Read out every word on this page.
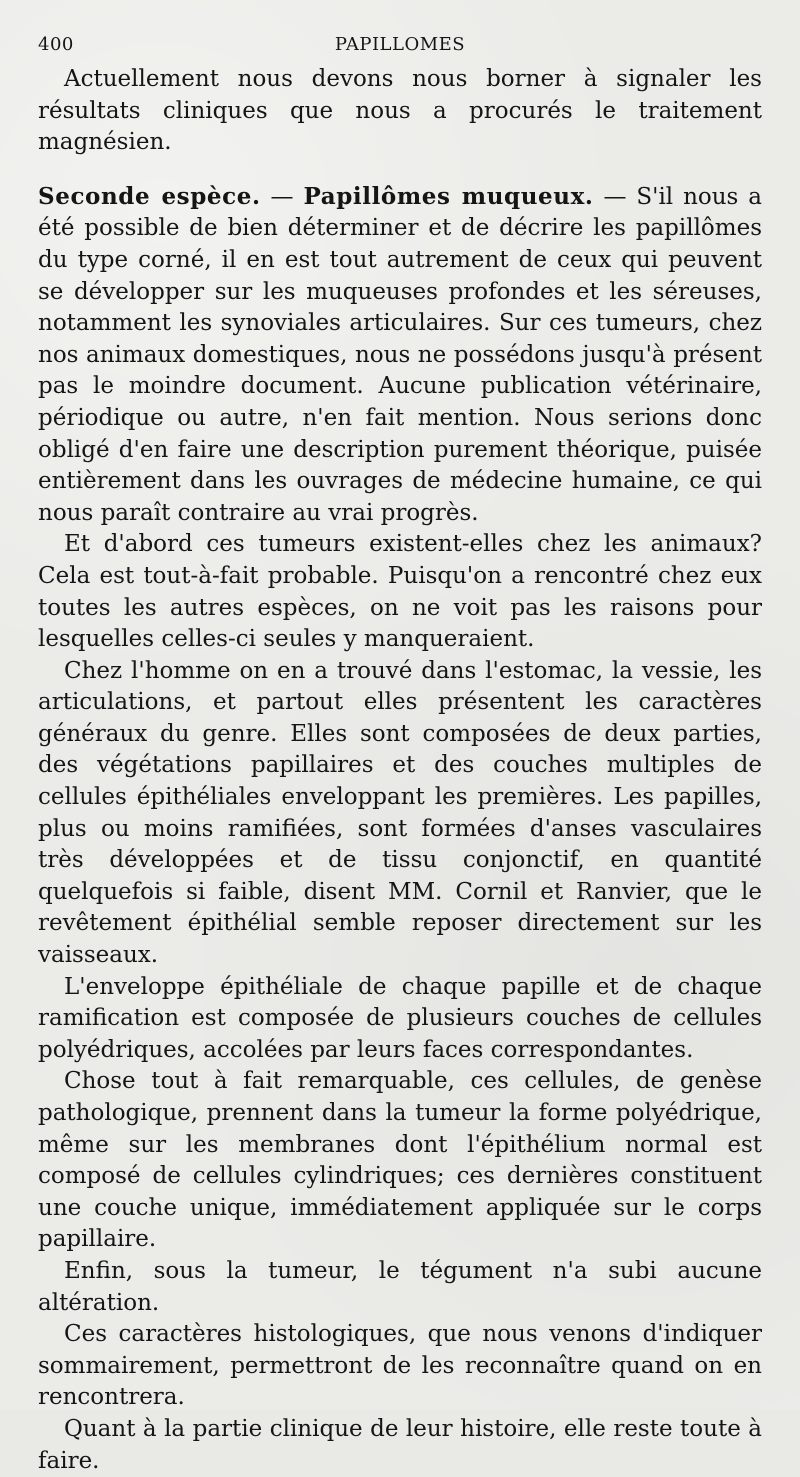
400	PAPILLOMES

Actuellement nous devons nous borner à signaler les résultats cliniques que nous a procurés le traitement magnésien.

Seconde espèce. — Papillômes muqueux. — S'il nous a été possible de bien déterminer et de décrire les papillômes du type corné, il en est tout autrement de ceux qui peuvent se développer sur les muqueuses profondes et les séreuses, notamment les synoviales articulaires. Sur ces tumeurs, chez nos animaux domestiques, nous ne possédons jusqu'à présent pas le moindre document. Aucune publication vétérinaire, périodique ou autre, n'en fait mention. Nous serions donc obligé d'en faire une description purement théorique, puisée entièrement dans les ouvrages de médecine humaine, ce qui nous paraît contraire au vrai progrès.

Et d'abord ces tumeurs existent-elles chez les animaux? Cela est tout-à-fait probable. Puisqu'on a rencontré chez eux toutes les autres espèces, on ne voit pas les raisons pour lesquelles celles-ci seules y manqueraient.

Chez l'homme on en a trouvé dans l'estomac, la vessie, les articulations, et partout elles présentent les caractères généraux du genre. Elles sont composées de deux parties, des végétations papillaires et des couches multiples de cellules épithéliales enveloppant les premières. Les papilles, plus ou moins ramifiées, sont formées d'anses vasculaires très développées et de tissu conjonctif, en quantité quelquefois si faible, disent MM. Cornil et Ranvier, que le revêtement épithélial semble reposer directement sur les vaisseaux.

L'enveloppe épithéliale de chaque papille et de chaque ramification est composée de plusieurs couches de cellules polyédriques, accolées par leurs faces correspondantes.

Chose tout à fait remarquable, ces cellules, de genèse pathologique, prennent dans la tumeur la forme polyédrique, même sur les membranes dont l'épithélium normal est composé de cellules cylindriques; ces dernières constituent une couche unique, immédiatement appliquée sur le corps papillaire.

Enfin, sous la tumeur, le tégument n'a subi aucune altération.

Ces caractères histologiques, que nous venons d'indiquer sommairement, permettront de les reconnaître quand on en rencontrera.

Quant à la partie clinique de leur histoire, elle reste toute à faire.
